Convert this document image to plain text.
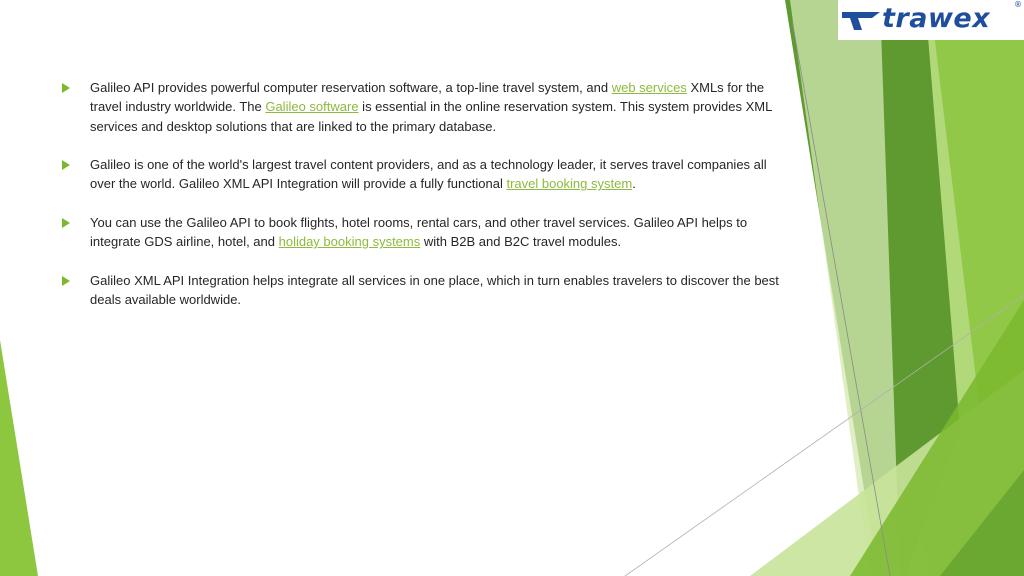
trawex	®
Galileo API provides powerful computer reservation software, a top-line travel system, and web services XMLs for the travel industry worldwide. The Galileo software is essential in the online reservation system. This system provides XML services and desktop solutions that are linked to the primary database.
Galileo is one of the world's largest travel content providers, and as a technology leader, it serves travel companies all over the world. Galileo XML API Integration will provide a fully functional travel booking system.
You can use the Galileo API to book flights, hotel rooms, rental cars, and other travel services. Galileo API helps to integrate GDS airline, hotel, and holiday booking systems with B2B and B2C travel modules.
Galileo XML API Integration helps integrate all services in one place, which in turn enables travelers to discover the best deals available worldwide.
